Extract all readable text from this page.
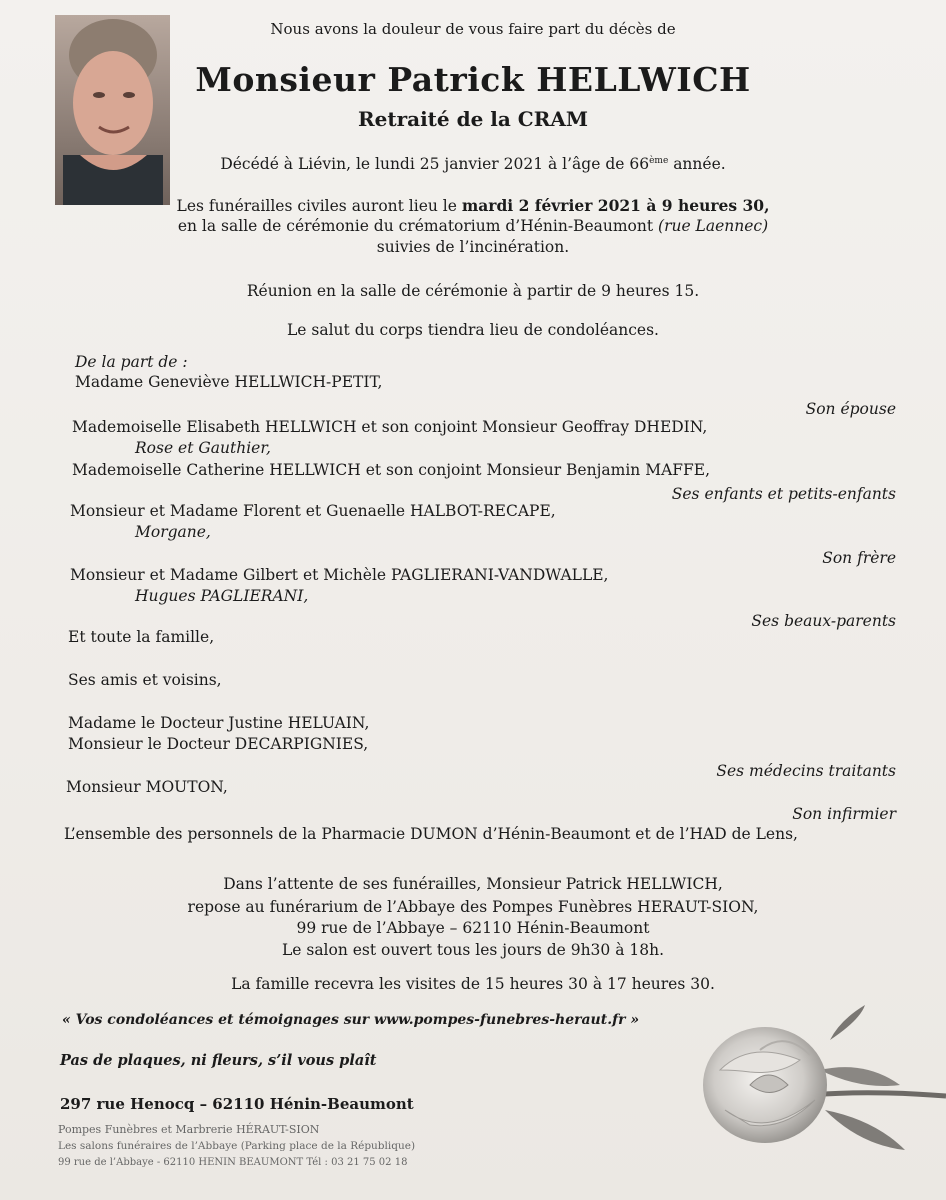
Nous avons la douleur de vous faire part du décès de
Monsieur Patrick HELLWICH
Retraité de la CRAM
Décédé à Liévin, le lundi 25 janvier 2021 à l’âge de 66ème année.
Les funérailles civiles auront lieu le mardi 2 février 2021 à 9 heures 30,
en la salle de cérémonie du crématorium d’Hénin-Beaumont (rue Laennec)
suivies de l’incinération.
Réunion en la salle de cérémonie à partir de 9 heures 15.
Le salut du corps tiendra lieu de condoléances.
De la part de :
Madame Geneviève HELLWICH-PETIT,
Son épouse
Mademoiselle Elisabeth HELLWICH et son conjoint Monsieur Geoffray DHEDIN,
Rose et Gauthier,
Mademoiselle Catherine HELLWICH et son conjoint Monsieur Benjamin MAFFE,
Ses enfants et petits-enfants
Monsieur et Madame Florent et Guenaelle HALBOT-RECAPE,
Morgane,
Son frère
Monsieur et Madame Gilbert et Michèle PAGLIERANI-VANDWALLE,
Hugues PAGLIERANI,
Ses beaux-parents
Et toute la famille,
Ses amis et voisins,
Madame le Docteur Justine HELUAIN,
Monsieur le Docteur DECARPIGNIES,
Ses médecins traitants
Monsieur MOUTON,
Son infirmier
L’ensemble des personnels de la Pharmacie DUMON d’Hénin-Beaumont et de l’HAD de Lens,
Dans l’attente de ses funérailles, Monsieur Patrick HELLWICH,
repose au funérarium de l’Abbaye des Pompes Funèbres HERAUT-SION,
99 rue de l’Abbaye – 62110 Hénin-Beaumont
Le salon est ouvert tous les jours de 9h30 à 18h.
La famille recevra les visites de 15 heures 30 à 17 heures 30.
« Vos condoléances et témoignages sur www.pompes-funebres-heraut.fr »
Pas de plaques, ni fleurs, s’il vous plaît
297 rue Henocq – 62110 Hénin-Beaumont
Pompes Funèbres et Marbrerie HÉRAUT-SION
Les salons funéraires de l’Abbaye (Parking place de la République)
99 rue de l’Abbaye - 62110 HENIN BEAUMONT Tél : 03 21 75 02 18
